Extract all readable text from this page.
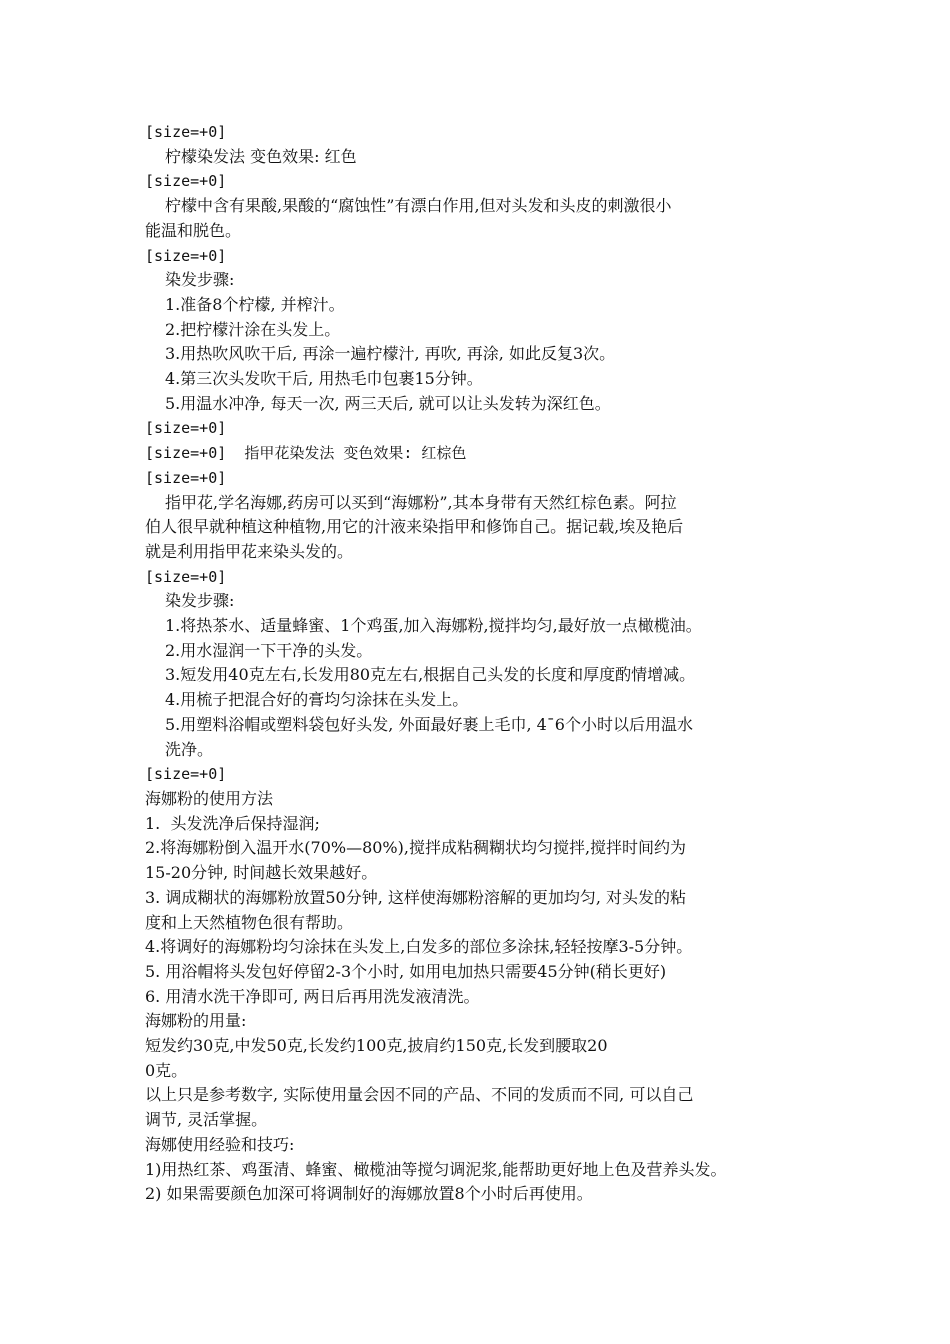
[size=+0]
柠檬染发法 变色效果: 红色
[size=+0]
柠檬中含有果酸,果酸的“腐蚀性”有漂白作用,但对头发和头皮的刺激很小
能温和脱色。
[size=+0]
染发步骤:
1.准备8个柠檬, 并榨汁。
2.把柠檬汁涂在头发上。
3.用热吹风吹干后, 再涂一遍柠檬汁, 再吹, 再涂, 如此反复3次。
4.第三次头发吹干后, 用热毛巾包裹15分钟。
5.用温水冲净, 每天一次, 两三天后, 就可以让头发转为深红色。
[size=+0]
[size=+0]  指甲花染发法 变色效果: 红棕色
[size=+0]
指甲花,学名海娜,药房可以买到“海娜粉”,其本身带有天然红棕色素。阿拉
伯人很早就种植这种植物,用它的汁液来染指甲和修饰自己。据记载,埃及艳后
就是利用指甲花来染头发的。
[size=+0]
染发步骤:
1.将热茶水、适量蜂蜜、1个鸡蛋,加入海娜粉,搅拌均匀,最好放一点橄榄油。
2.用水湿润一下干净的头发。
3.短发用40克左右,长发用80克左右,根据自己头发的长度和厚度酌情增减。
4.用梳子把混合好的膏均匀涂抹在头发上。
5.用塑料浴帽或塑料袋包好头发, 外面最好裹上毛巾, 4¯6个小时以后用温水
洗净。
[size=+0]
海娜粉的使用方法
1.  头发洗净后保持湿润;
2.将海娜粉倒入温开水(70%—80%),搅拌成粘稠糊状均匀搅拌,搅拌时间约为
15-20分钟, 时间越长效果越好。
3. 调成糊状的海娜粉放置50分钟, 这样使海娜粉溶解的更加均匀, 对头发的粘
度和上天然植物色很有帮助。
4.将调好的海娜粉均匀涂抹在头发上,白发多的部位多涂抹,轻轻按摩3-5分钟。
5. 用浴帽将头发包好停留2-3个小时, 如用电加热只需要45分钟(稍长更好)
6. 用清水洗干净即可, 两日后再用洗发液清洗。
海娜粉的用量:
短发约30克,中发50克,长发约100克,披肩约150克,长发到腰取20
0克。
以上只是参考数字, 实际使用量会因不同的产品、不同的发质而不同, 可以自己
调节, 灵活掌握。
海娜使用经验和技巧:
1)用热红茶、鸡蛋清、蜂蜜、橄榄油等搅匀调泥浆,能帮助更好地上色及营养头发。
2) 如果需要颜色加深可将调制好的海娜放置8个小时后再使用。
